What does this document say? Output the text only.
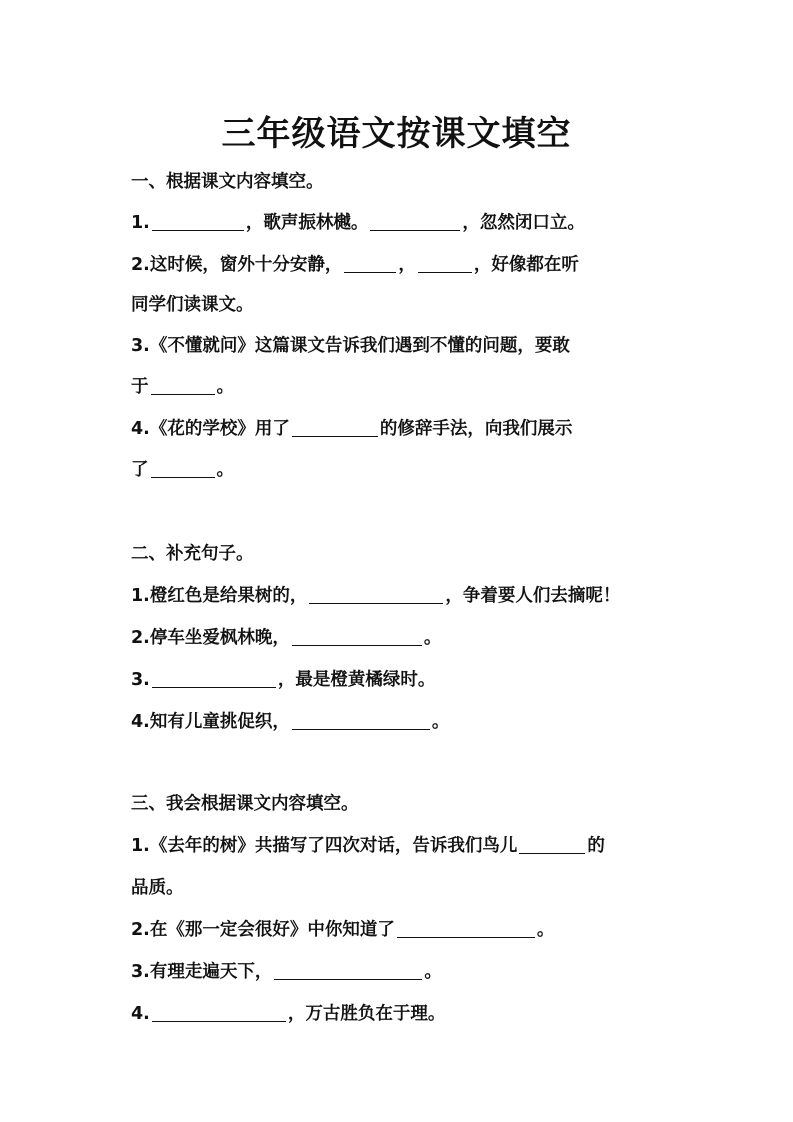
三年级语文按课文填空
一、根据课文内容填空。
1.	，歌声振林樾。	，忽然闭口立。
2.这时候，窗外十分安静，	，	，好像都在听
同学们读课文。
3.《不懂就问》这篇课文告诉我们遇到不懂的问题，要敢
于	。
4.《花的学校》用了	的修辞手法，向我们展示
了	。
二、补充句子。
1.橙红色是给果树的，	，争着要人们去摘呢！
2.停车坐爱枫林晚，	。
3.	，最是橙黄橘绿时。
4.知有儿童挑促织，	。
三、我会根据课文内容填空。
1.《去年的树》共描写了四次对话，告诉我们鸟儿	的
品质。
2.在《那一定会很好》中你知道了	。
3.有理走遍天下，	。
4.	，万古胜负在于理。
